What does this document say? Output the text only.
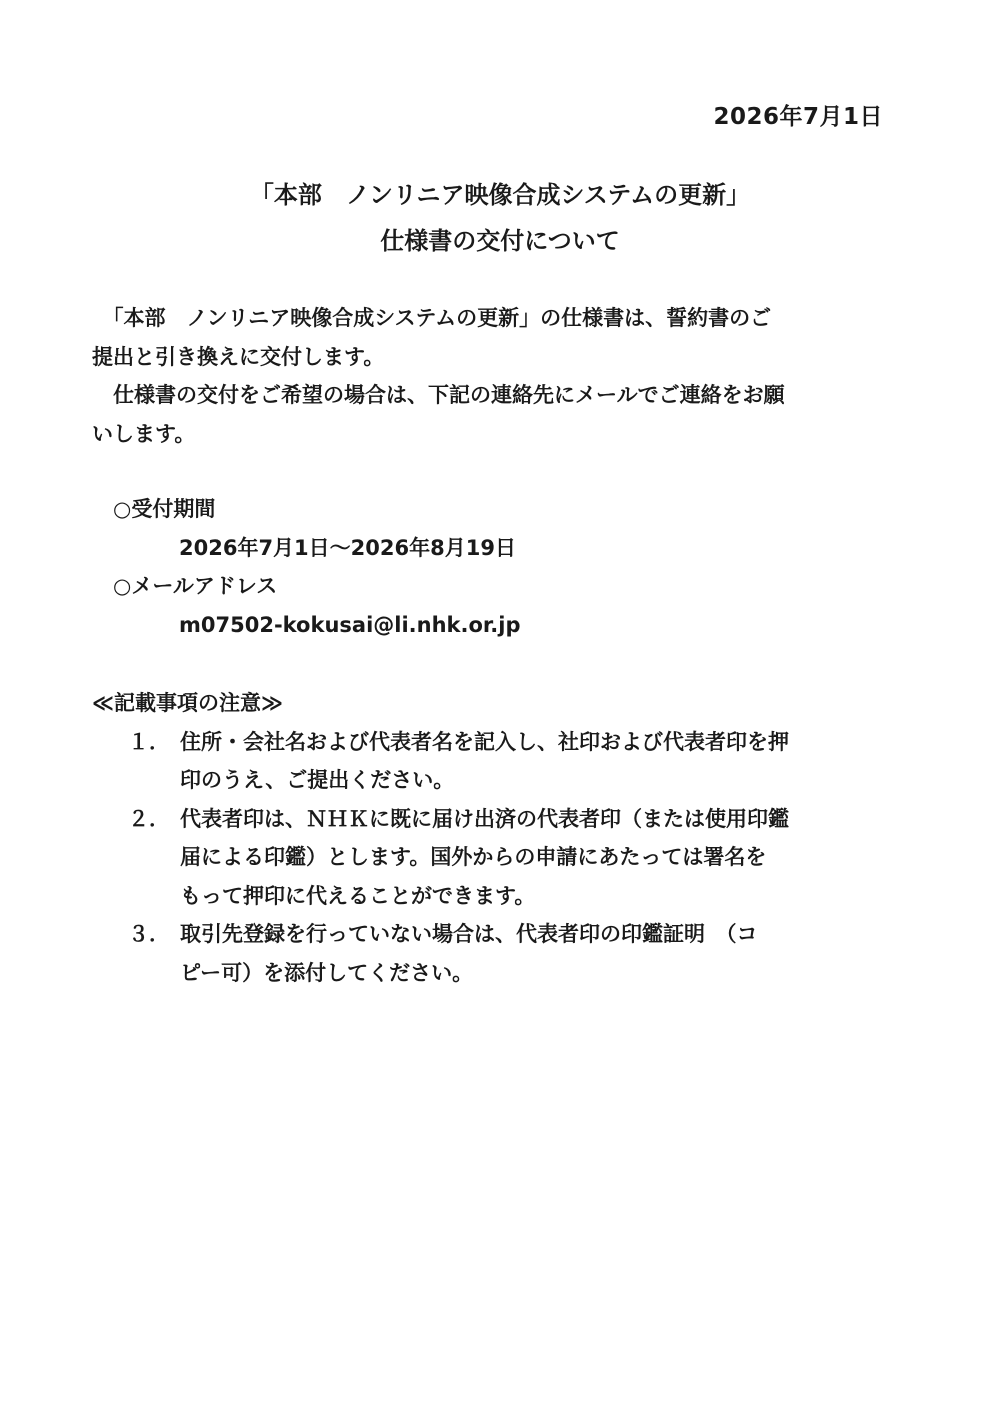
2026年7月1日
「本部　ノンリニア映像合成システムの更新」
仕様書の交付について

　「本部　ノンリニア映像合成システムの更新」の仕様書は、誓約書のご

提出と引き換えに交付します。

　仕様書の交付をご希望の場合は、下記の連絡先にメールでご連絡をお願

いします。

○受付期間
2026年7月1日～2026年8月19日
○メールアドレス
m07502-kokusai@li.nhk.or.jp
≪記載事項の注意≫
１． 住所・会社名および代表者名を記入し、社印および代表者印を押
印のうえ、ご提出ください。
２． 代表者印は、ＮＨＫに既に届け出済の代表者印（または使用印鑑
届による印鑑）とします。国外からの申請にあたっては署名を
もって押印に代えることができます。
３． 取引先登録を行っていない場合は、代表者印の印鑑証明　（コ
ピー可）を添付してください。
